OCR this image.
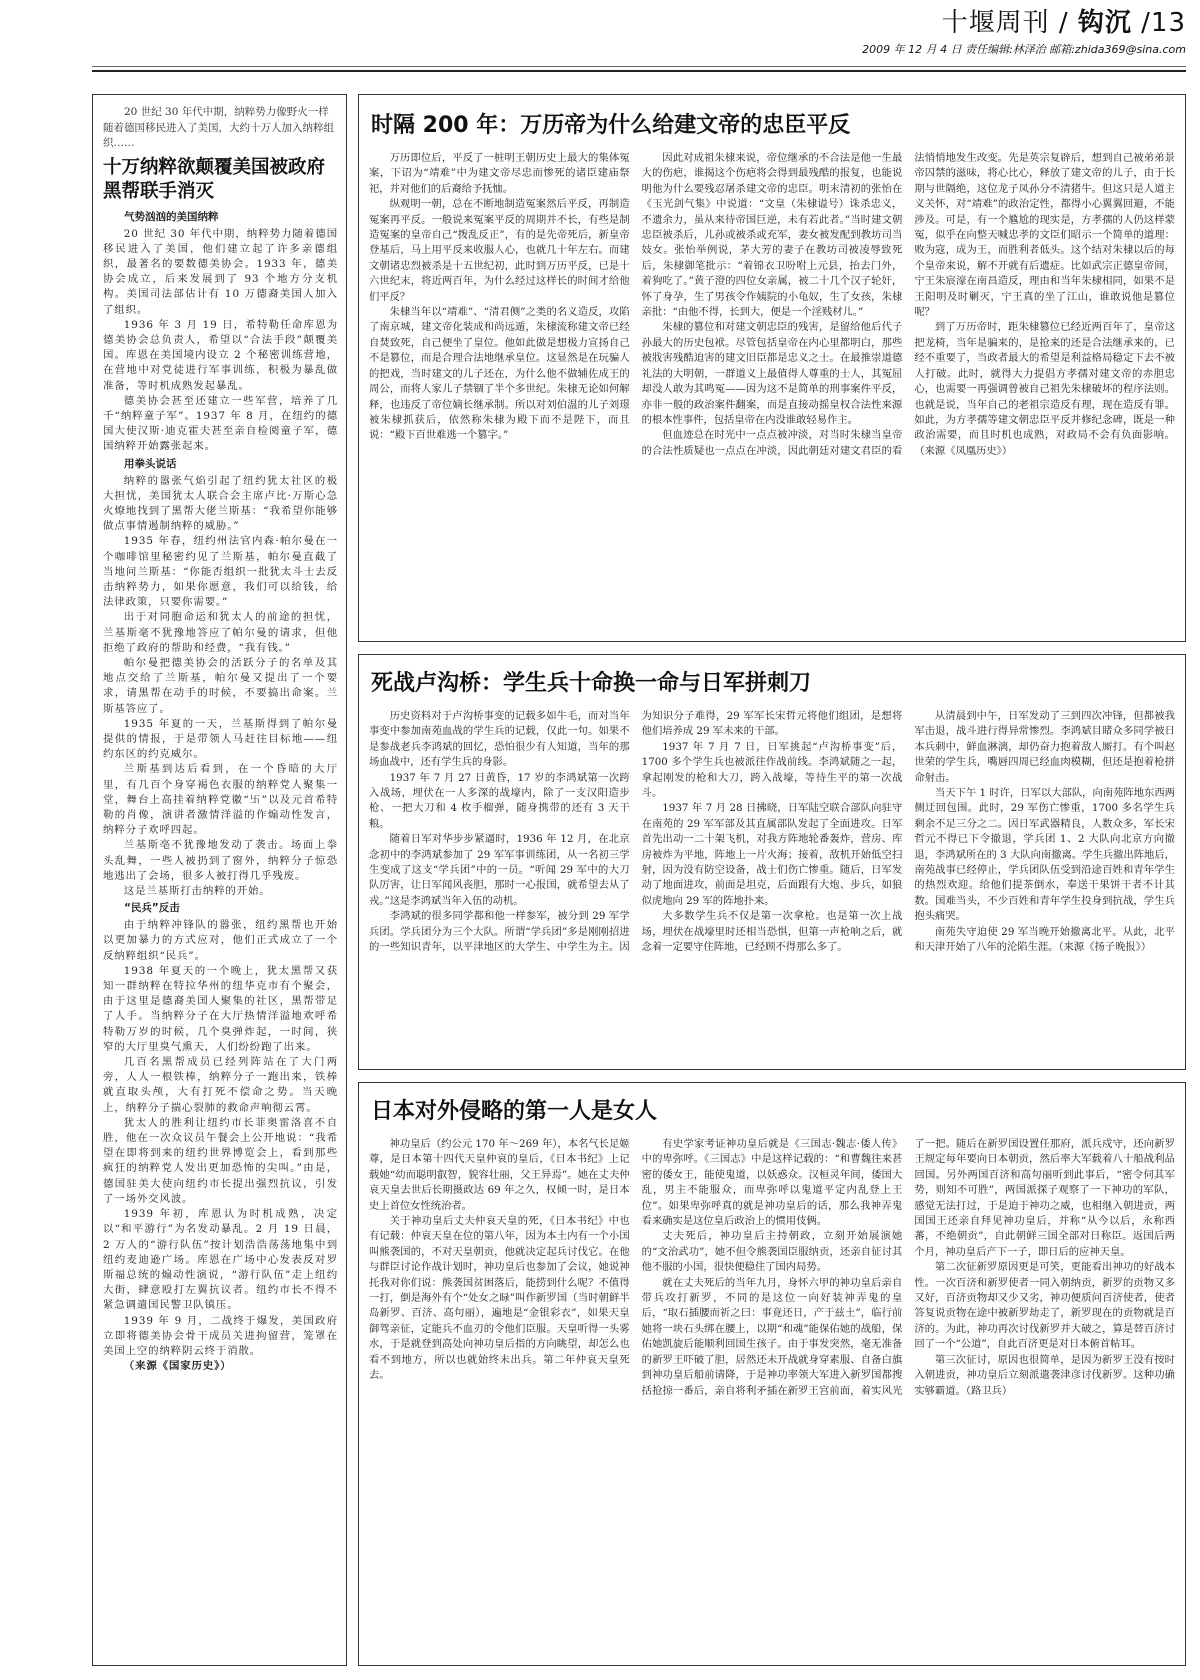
十堰周刊 / 钩沉 /13
2009 年 12 月 4 日 责任编辑:林泽治 邮箱:zhida369@sina.com

20 世纪 30 年代中期，纳粹势力像野火一样随着德国移民进入了美国，大约十万人加入纳粹组织……

十万纳粹欲颠覆美国被政府黑帮联手消灭
气势汹汹的美国纳粹

20 世纪 30 年代中期，纳粹势力随着德国移民进入了美国，他们建立起了许多亲德组织，最著名的要数德美协会。1933 年，德美协会成立，后来发展到了 93 个地方分支机构。美国司法部估计有 10 万德裔美国人加入了组织。

1936 年 3 月 19 日，希特勒任命库恩为德美协会总负责人，希望以“合法手段”颠覆美国。库恩在美国境内设立 2 个秘密训练营地，在营地中对党徒进行军事训练，积极为暴乱做准备，等时机成熟发起暴乱。

德美协会甚至还建立一些军营，培养了几千“纳粹童子军”。1937 年 8 月，在纽约的德国大使汉斯·迪克霍夫甚至亲自检阅童子军，德国纳粹开始露张起来。

用拳头说话

纳粹的嚣张气焰引起了纽约犹太社区的极大担忧，美国犹太人联合会主席卢比·万斯心急火燎地找到了黑帮大佬兰斯基：“我希望你能够做点事情遏制纳粹的威胁。”

1935 年春，纽约州法官内森·帕尔曼在一个咖啡馆里秘密约见了兰斯基，帕尔曼直截了当地问兰斯基：“你能否组织一批犹太斗士去反击纳粹势力，如果你愿意，我们可以给钱，给法律政策，只要你需要。”

出于对同胞命运和犹太人的前途的担忧，兰基斯毫不犹豫地答应了帕尔曼的请求，但他拒绝了政府的帮助和经费，“我有钱。”

帕尔曼把德美协会的活跃分子的名单及其地点交给了兰斯基，帕尔曼又提出了一个要求，请黑帮在动手的时候，不要搞出命案。兰斯基答应了。

1935 年夏的一天，兰基斯得到了帕尔曼提供的情报，于是带领人马赶往目标地——纽约东区的约克威尔。

兰斯基到达后看到，在一个昏暗的大厅里，有几百个身穿褐色衣服的纳粹党人聚集一堂，舞台上高挂着纳粹党徽“卐”以及元首希特勒的肖像，演讲者激情洋溢的作煽动性发言，纳粹分子欢呼四起。

兰基斯亳不犹豫地发动了袭击。场面上拳头乱舞，一些人被扔到了窗外，纳粹分子惊恐地逃出了会场，很多人被打得几乎残废。

这是兰基斯打击纳粹的开始。

“民兵”反击

由于纳粹冲锋队的嚣张，纽约黑帮也开始以更加暴力的方式应对，他们正式成立了一个反纳粹组织“民兵”。

1938 年夏天的一个晚上，犹太黑帮又获知一群纳粹在特拉华州的纽华克市有个聚会，由于这里是德裔美国人聚集的社区，黑帮带足了人手。当纳粹分子在大厅热情洋溢地欢呼希特勒万岁的时候，几个臭弹炸起，一时间，狭窄的大厅里臭气熏天，人们纷纷跑了出来。

几百名黑帮成员已经列阵站在了大门两旁，人人一根铁棒，纳粹分子一跑出来，铁棒就直取头颅，大有打死不偿命之势。当天晚上，纳粹分子揣心裂肺的救命声响彻云霄。

犹太人的胜利让纽约市长菲奥雷洛喜不自胜，他在一次众议员午餐会上公开地说：“我希望在即将到来的纽约世界博览会上，看到那些疯狂的纳粹党人发出更加恐怖的尖叫。”由是，德国驻美大使向纽约市长提出强烈抗议，引发了一场外交风波。

1939 年初，库恩认为时机成熟，决定以“和平游行”为名发动暴乱。2 月 19 日晨，2 万人的“游行队伍”按计划浩浩荡荡地集中到纽约麦迪逊广场。库恩在广场中心发表反对罗斯福总统的煽动性演说，“游行队伍”走上纽约大街，肆意殴打左翼抗议者。纽约市长不得不紧急调遣国民警卫队镇压。

1939 年 9 月，二战终于爆发，美国政府立即将德美协会骨干成员关进拘留营，笼罩在美国上空的纳粹阴云终于消散。

（来源《国家历史》）

时隔 200 年：万历帝为什么给建文帝的忠臣平反

万历即位后，平反了一桩明王朝历史上最大的集体冤案，下诏为“靖难”中为建文帝尽忠而惨死的诸臣建庙祭祀，并对他们的后裔给予抚恤。

纵观明一朝，总在不断地制造冤案然后平反，再制造冤案再平反。一般说来冤案平反的周期并不长，有些是制造冤案的皇帝自己“拨乱反正”，有的是先帝死后，新皇帝登基后，马上用平反来收服人心，也就几十年左右。而建文朝诸忠烈被杀是十五世纪初，此时到万历平反，已是十六世纪末，将近两百年，为什么经过这样长的时间才给他们平反？

朱棣当年以“靖难”、“清君侧”之类的名义造反，攻陷了南京城，建文帝化装成和尚远遁，朱棣流称建文帝已经自焚致死，自己便坐了皇位。他如此做是想极力宣扬自己不是篡位，而是合理合法地继承皇位。这显然是在玩骗人的把戏，当时建文的儿子还在，为什么他不做辅佐成王的周公，而将人家儿子禁锢了半个多世纪。朱棣无论如何解释，也违反了帝位嫡长继承制。所以对刘伯温的儿子刘璟被朱棣抓获后，依然称朱棣为殿下而不是陛下，而且说：“殿下百世难逃一个篡字。”

因此对成祖朱棣来说，帝位继承的不合法是他一生最大的伤疤，谁揭这个伤疤将会得到最残酷的报复，也能说明他为什么要残忍屠杀建文帝的忠臣。明末清初的张怡在《玉光剑气集》中说道：“文皇（朱棣谥号）诛杀忠义，不遗余力，虽从来待帝国巨逆，未有若此者。”当时建文朝忠臣被杀后，儿孙或被杀或充军，妻女被发配到教坊司当妓女。张怡举例说，茅大芳的妻子在教坊司被凌辱致死后，朱棣御笔批示：“着锦衣卫吩咐上元县，抬去门外，着狗吃了。”黄子澄的四位女亲属，被二十几个汉子轮奸，怀了身孕，生了男孩令作姨院的小龟奴，生了女孩，朱棣亲批：“由他不得，长到大，便是一个淫贱材儿。”

朱棣的篡位和对建文朝忠臣的残害，是留给他后代子孙最大的历史包袱。尽管包括皇帝在内心里都明白，那些被戕害残酷迫害的建文旧臣都是忠义之士。在最推崇道德礼法的大明朝，一群道义上最值得人尊重的士人，其冤屈却没人敢为其鸣冤——因为这不是简单的刑事案件平反，亦非一般的政治案件翻案，而是直接动摇皇权合法性来源的根本性事件，包括皇帝在内没谁敢轻易作主。

但血迹总在时光中一点点被冲淡，对当时朱棣当皇帝的合法性质疑也一点点在冲淡，因此朝廷对建文君臣的看法悄悄地发生改变。先是英宗复辟后，想到自己被弟弟景帝囚禁的滋味，将心比心，释放了建文帝的儿子，由于长期与世隔绝，这位龙子凤孙分不清猪牛。但这只是人道主义关怀，对“靖难”的政治定性，都得小心翼翼回避，不能涉及。可是，有一个尴尬的现实是，方孝孺的人仍这样蒙冤，似乎在向整天喊忠孝的文臣们昭示一个简单的道理：败为寇，成为王，而胜利者低头。这个结对朱棣以后的每个皇帝来说，解不开就有后遗症。比如武宗正德皇帝间，宁王朱宸濠在南昌造反，理由和当年朱棣相同，如果不是王阳明及时剿灭，宁王真的坐了江山，谁敢说他是篡位呢？

到了万历帝时，距朱棣篡位已经近两百年了，皇帝这把龙椅，当年是骗来的，是抢来的还是合法继承来的，已经不重要了，当政者最大的希望是利益格局稳定下去不被人打破。此时，就得大力提倡方孝孺对建文帝的赤胆忠心，也需要一再强调曾被自己祖先朱棣破坏的程序法则。也就是说，当年自己的老祖宗造反有理，现在造反有罪。如此，为方孝孺等建文朝忠臣平反并修纪念碑，既是一种政治需要，而且时机也成熟，对政局不会有负面影响。（来源《凤凰历史》）

死战卢沟桥：学生兵十命换一命与日军拼刺刀

历史资料对于卢沟桥事变的记载多如牛毛，而对当年事变中参加南苑血战的学生兵的记载，仅此一句。如果不是参战老兵李鸿斌的回忆，恐怕很少有人知道，当年的那场血战中，还有学生兵的身影。

1937 年 7 月 27 日黄昏，17 岁的李鸿斌第一次跨入战场，埋伏在一人多深的战壕内，除了一支汉阳造步枪、一把大刀和 4 枚手榴弹，随身携带的还有 3 天干粮。

随着日军对华步步紧逼时，1936 年 12 月，在北京念初中的李鸿斌参加了 29 军军事训练团，从一名初三学生变成了这支“学兵团”中的一员。“听闻 29 军中的大刀队厉害，让日军闻风丧胆，那时一心报国，就希望去从了戎。”这是李鸿斌当年入伍的动机。

李鸿斌的很多同学都和他一样参军，被分到 29 军学兵团。学兵团分为三个大队。所谓“学兵团”多是刚刚招进的一些知识青年，以平津地区的大学生、中学生为主。因为知识分子难得，29 军军长宋哲元将他们组团，是想将他们培养成 29 军未来的干部。

1937 年 7 月 7 日，日军挑起“卢沟桥事变”后，1700 多个学生兵也被派往作战前线。李鸿斌随之一起，拿起刚发的枪和大刀，跨入战壕，等待生平的第一次战斗。

1937 年 7 月 28 日拂晓，日军陆空联合部队向驻守在南苑的 29 军军部及其直属部队发起了全面进攻。日军首先出动一二十架飞机，对我方阵地轮番轰炸，营房、库房被炸为平地，阵地上一片火海；接着，敌机开始低空扫射，因为没有防空设备，战士们伤亡惨重。随后，日军发动了地面进攻，前面是坦克，后面跟有大炮、步兵，如狼似虎地向 29 军的阵地扑来。

大多数学生兵不仅是第一次拿枪。也是第一次上战场，埋伏在战壕里时还相当恐惧，但第一声枪响之后，就念着一定要守住阵地，已经顾不得那么多了。

从清晨到中午，日军发动了三到四次冲锋，但都被我军击退，战斗进行得异常惨烈。李鸿斌目睹众多同学被日本兵刺中，鲜血淋漓，却仍奋力抱着敌人厮打。有个叫赵世荣的学生兵，嘴唇四周已经血肉模糊，但还是抱着枪拼命射击。

当天下午 1 时许，日军以大部队，向南苑阵地东西两侧迂回包围。此时，29 军伤亡惨重，1700 多名学生兵剩余不足三分之二。因日军武器精良，人数众多，军长宋哲元不得已下令撤退，学兵团 1、2 大队向北京方向撤退，李鸿斌所在的 3 大队向南撤离。学生兵撤出阵地后，南苑战事已经停止，学兵团队伍受到沿途百姓和青年学生的热烈欢迎。给他们提茶倒水，奉送干果饼干者不计其数。国难当头，不少百姓和青年学生投身到抗战，学生兵抱头痛哭。

南苑失守迫使 29 军当晚开始撤离北平。从此，北平和天津开始了八年的沦陷生涯。（来源《扬子晚报》）

日本对外侵略的第一人是女人

神功皇后（约公元 170 年～269 年），本名气长足姬尊，是日本第十四代天皇仲哀的皇后，《日本书纪》上记载她“幼而聪明叡智，貌容壮丽，父王异焉”。她在丈夫仲哀天皇去世后长期摄政达 69 年之久，权倾一时，是日本史上首位女性统治者。

关于神功皇后丈夫仲哀天皇的死，《日本书纪》中也有记载：仲哀天皇在位的第八年，因为本土内有一个小国叫熊袭国的，不对天皇朝贡，他就决定起兵讨伐它。在他与群臣讨论作战计划时，神功皇后也参加了会议，她说神托我对你们说：熊袭国贫困落后，能捞到什么呢？不值得一打，倒是海外有个“处女之睩”叫作新罗国（当时朝鲜半岛新罗、百济、高句丽），遍地是“金银彩衣”，如果天皇御驾亲征，定能兵不血刃的令他们臣服。天皇听得一头雾水，于是就登到高处向神功皇后指的方向眺望，却怎么也看不到地方，所以也就始终未出兵。第二年仲哀天皇死去。

有史学家考证神功皇后就是《三国志·魏志·倭人传》中的卑弥呼。《三国志》中是这样记载的：“和曹魏往来甚密的倭女王，能使鬼道，以妖惑众。汉桓灵年间，倭国大乱，男主不能服众，而卑弥呼以鬼道平定内乱登上王位”。如果卑弥呼真的就是神功皇后的话，那么我神弄鬼看来确实是这位皇后政治上的惯用伎俩。

丈夫死后，神功皇后主持朝政，立刻开始展演她的“文治武功”，她不但令熊袭国臣服纳贡，还亲自征讨其他不服的小国，很快便稳住了国内局势。

就在丈夫死后的当年九月，身怀六甲的神功皇后亲自带兵攻打新罗，不同的是这位一向好装神弄鬼的皇后，“取石插腰而祈之曰：事竟还日，产于兹土”，临行前她将一块石头绑在腰上，以期“和魂”能保佑她的战船，保佑她凯旋后能顺利回国生孩子。由于事发突然，毫无准备的新罗王吓破了胆，居然还未开战就身穿素服、自备白旗到神功皇后船前请降，于是神功率领大军进入新罗国都搜括抢掠一番后，亲自将利矛插在新罗王宫前面，着实风光了一把。随后在新罗国设置任那府，派兵戍守，还向新罗王规定每年要向日本朝贡，然后率大军载着八十船战利品回国。另外两国百济和高句丽听到此事后，“密令伺其军势，则知不可胜”，两国派探子观察了一下神功的军队，感觉无法打过，于是迫于神功之威，也相继入朝进贡，两国国王还亲自拜见神功皇后，并称“从今以后，永称西蕃，不绝朝贡”，自此朝鲜三国全部对日称臣。返国后两个月，神功皇后产下一子，即日后的应神天皇。

第二次征新罗原因更是可笑，更能看出神功的好战本性。一次百济和新罗使者一同入朝纳贡，新罗的贡物又多又好，百济贡物却又少又劣，神功便质问百济使者，使者答复说贡物在途中被新罗劫走了，新罗现在的贡物就是百济的。为此，神功再次讨伐新罗并大破之，算是替百济讨回了一个“公道”，自此百济更是对日本俯首帖耳。

第三次征讨，原因也很简单，是因为新罗王没有按时入朝进贡，神功皇后立刻派遣袭津彦讨伐新罗。这种功确实够霸道。（路卫兵）
